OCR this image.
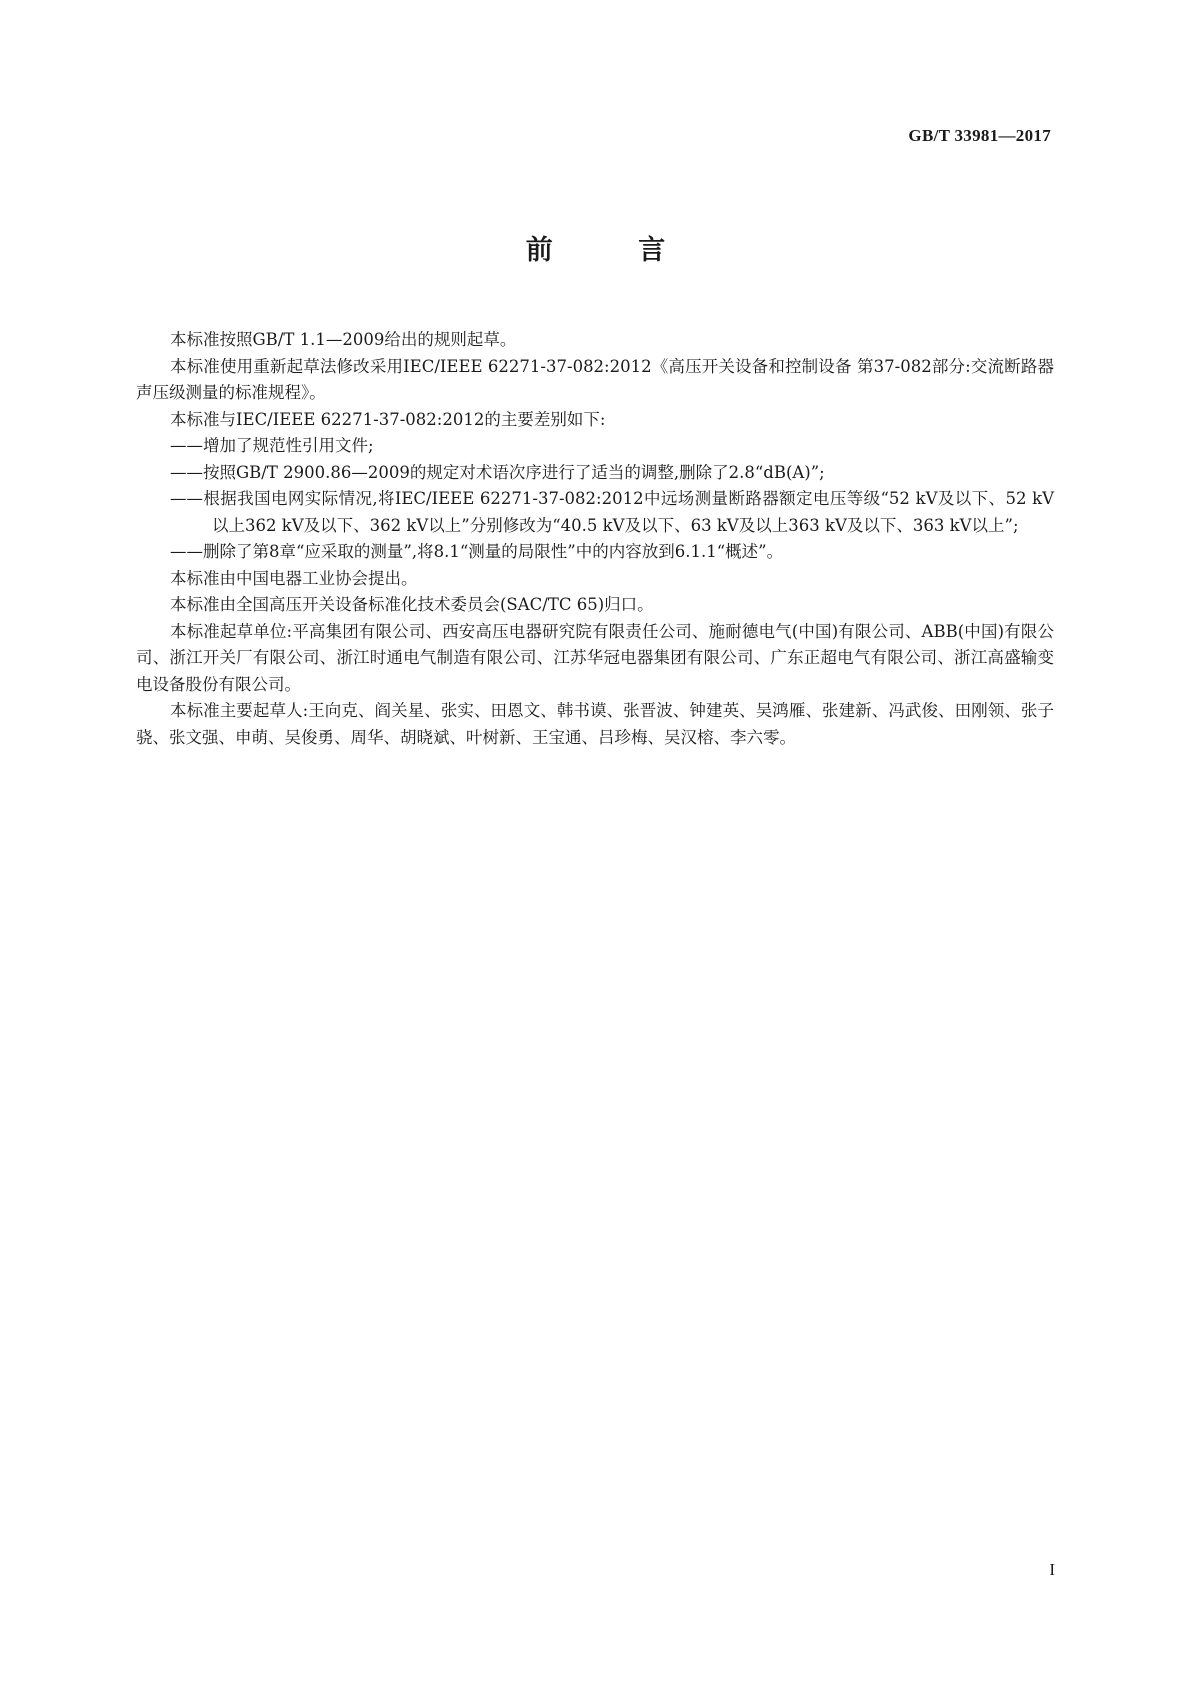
GB/T 33981—2017
前 言

本标准按照GB/T 1.1—2009给出的规则起草。

本标准使用重新起草法修改采用IEC/IEEE 62271-37-082:2012《高压开关设备和控制设备 第37-082部分:交流断路器声压级测量的标准规程》。

本标准与IEC/IEEE 62271-37-082:2012的主要差别如下:

——增加了规范性引用文件;

——按照GB/T 2900.86—2009的规定对术语次序进行了适当的调整,删除了2.8“dB(A)”;

——根据我国电网实际情况,将IEC/IEEE 62271-37-082:2012中远场测量断路器额定电压等级“52 kV及以下、52 kV以上362 kV及以下、362 kV以上”分别修改为“40.5 kV及以下、63 kV及以上363 kV及以下、363 kV以上”;

——删除了第8章“应采取的测量”,将8.1“测量的局限性”中的内容放到6.1.1“概述”。

本标准由中国电器工业协会提出。

本标准由全国高压开关设备标准化技术委员会(SAC/TC 65)归口。

本标准起草单位:平高集团有限公司、西安高压电器研究院有限责任公司、施耐德电气(中国)有限公司、ABB(中国)有限公司、浙江开关厂有限公司、浙江时通电气制造有限公司、江苏华冠电器集团有限公司、广东正超电气有限公司、浙江高盛输变电设备股份有限公司。

本标准主要起草人:王向克、阎关星、张实、田恩文、韩书谟、张晋波、钟建英、吴鸿雁、张建新、冯武俊、田刚领、张子骁、张文强、申萌、吴俊勇、周华、胡晓斌、叶树新、王宝通、吕珍梅、吴汉榕、李六零。

I
